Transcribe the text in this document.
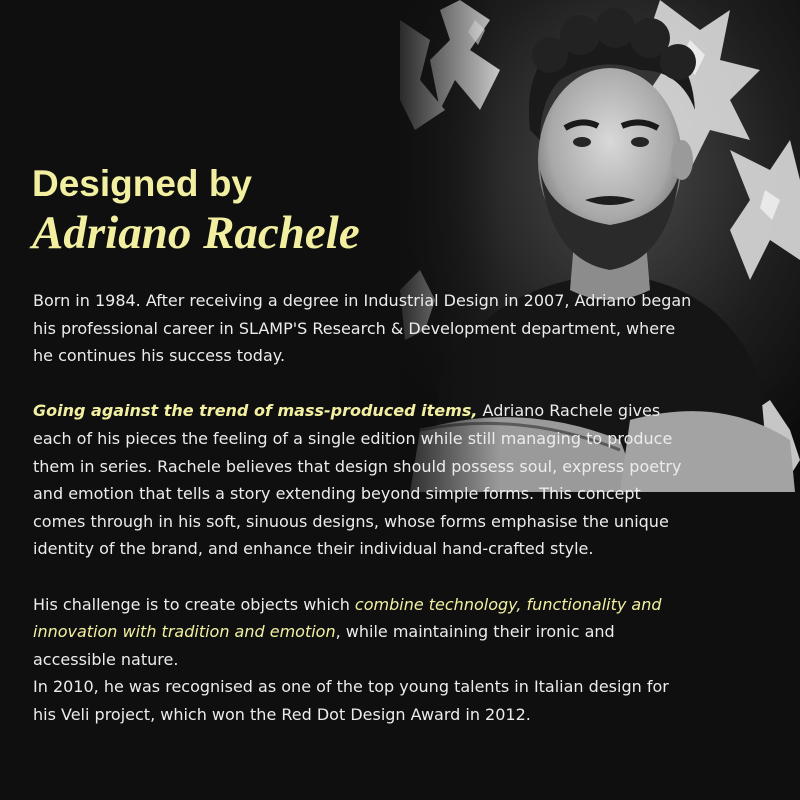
Designed by
Adriano Rachele

Born in 1984. After receiving a degree in Industrial Design in 2007, Adriano began his professional career in SLAMP'S Research & Development department, where he continues his success today.

Going against the trend of mass-produced items, Adriano Rachele gives each of his pieces the feeling of a single edition while still managing to produce them in series. Rachele believes that design should possess soul, express poetry and emotion that tells a story extending beyond simple forms. This concept comes through in his soft, sinuous designs, whose forms emphasise the unique identity of the brand, and enhance their individual hand-crafted style.

His challenge is to create objects which combine technology, functionality and innovation with tradition and emotion, while maintaining their ironic and accessible nature.

In 2010, he was recognised as one of the top young talents in Italian design for his Veli project, which won the Red Dot Design Award in 2012.
